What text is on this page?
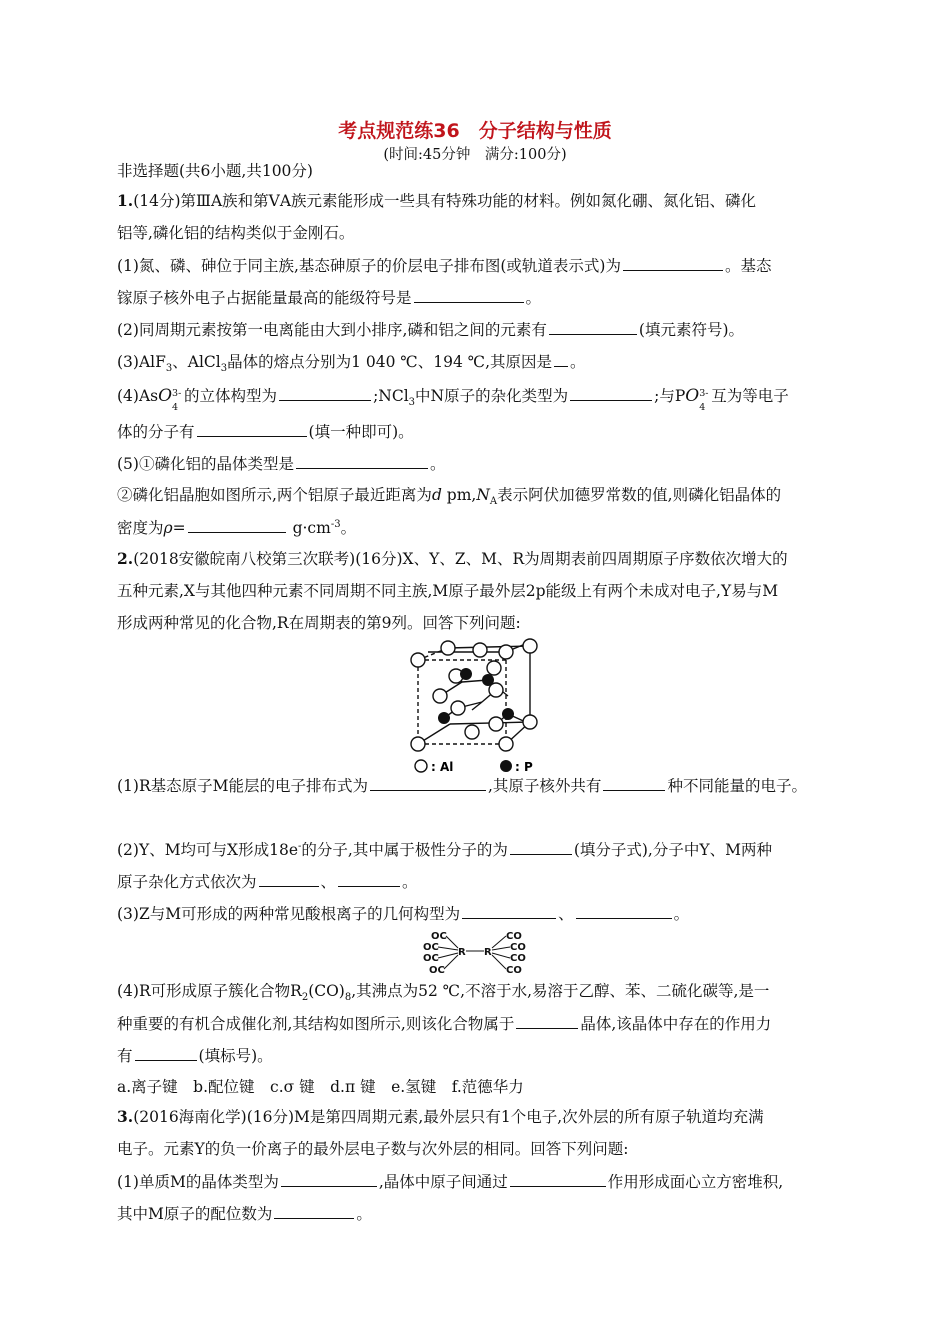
考点规范练36　分子结构与性质
(时间:45分钟　满分:100分)
非选择题(共6小题,共100分)
1.(14分)第ⅢA族和第ⅤA族元素能形成一些具有特殊功能的材料。例如氮化硼、氮化铝、磷化
铝等,磷化铝的结构类似于金刚石。
(1)氮、磷、砷位于同主族,基态砷原子的价层电子排布图(或轨道表示式)为	。基态
镓原子核外电子占据能量最高的能级符号是	。
(2)同周期元素按第一电离能由大到小排序,磷和铝之间的元素有	(填元素符号)。
(3)AlF$_3$、AlCl$_3$晶体的熔点分别为1 040 ℃、194 ℃,其原因是 。
(4)AsO 3-
4
的立体构型为	;NCl$_3$中N原子的杂化类型为	;与PO 3-
4
互为等电子
体的分子有	(填一种即可)。
(5)①磷化铝的晶体类型是	。
②磷化铝晶胞如图所示,两个铝原子最近距离为d $pm,N_A$表示阿伏加德罗常数的值,则磷化铝晶体的
密度为ρ=	$g\cdot cm^{-3}$。
2.(2018安徽皖南八校第三次联考)(16分)X、Y、Z、M、R为周期表前四周期原子序数依次增大的
五种元素,X与其他四种元素不同周期不同主族,M原子最外层2p能级上有两个未成对电子,Y易与M
形成两种常见的化合物,R在周期表的第9列。回答下列问题:
: Al	: P
(1)R基态原子M能层的电子排布式为	,其原子核外共有	种不同能量的电子。
(2)Y、M均可与X形成18e-的分子,其中属于极性分子的为	(填分子式),分子中Y、M两种
原子杂化方式依次为	、	。
(3)Z与M可形成的两种常见酸根离子的几何构型为	、	。
OC
OC
OC
OC
R R
CO
CO
CO
CO
(4)R可形成原子簇化合物$R_2(CO)_8$,其沸点为52 ℃,不溶于水,易溶于乙醇、苯、二硫化碳等,是一
种重要的有机合成催化剂,其结构如图所示,则该化合物属于	晶体,该晶体中存在的作用力
有	(填标号)。
a.离子键　b.配位键　c.σ 键　d.π 键　e.氢键　f.范德华力
3.(2016海南化学)(16分)M是第四周期元素,最外层只有1个电子,次外层的所有原子轨道均充满
电子。元素Y的负一价离子的最外层电子数与次外层的相同。回答下列问题:
(1)单质M的晶体类型为	,晶体中原子间通过	作用形成面心立方密堆积,
其中M原子的配位数为	。
